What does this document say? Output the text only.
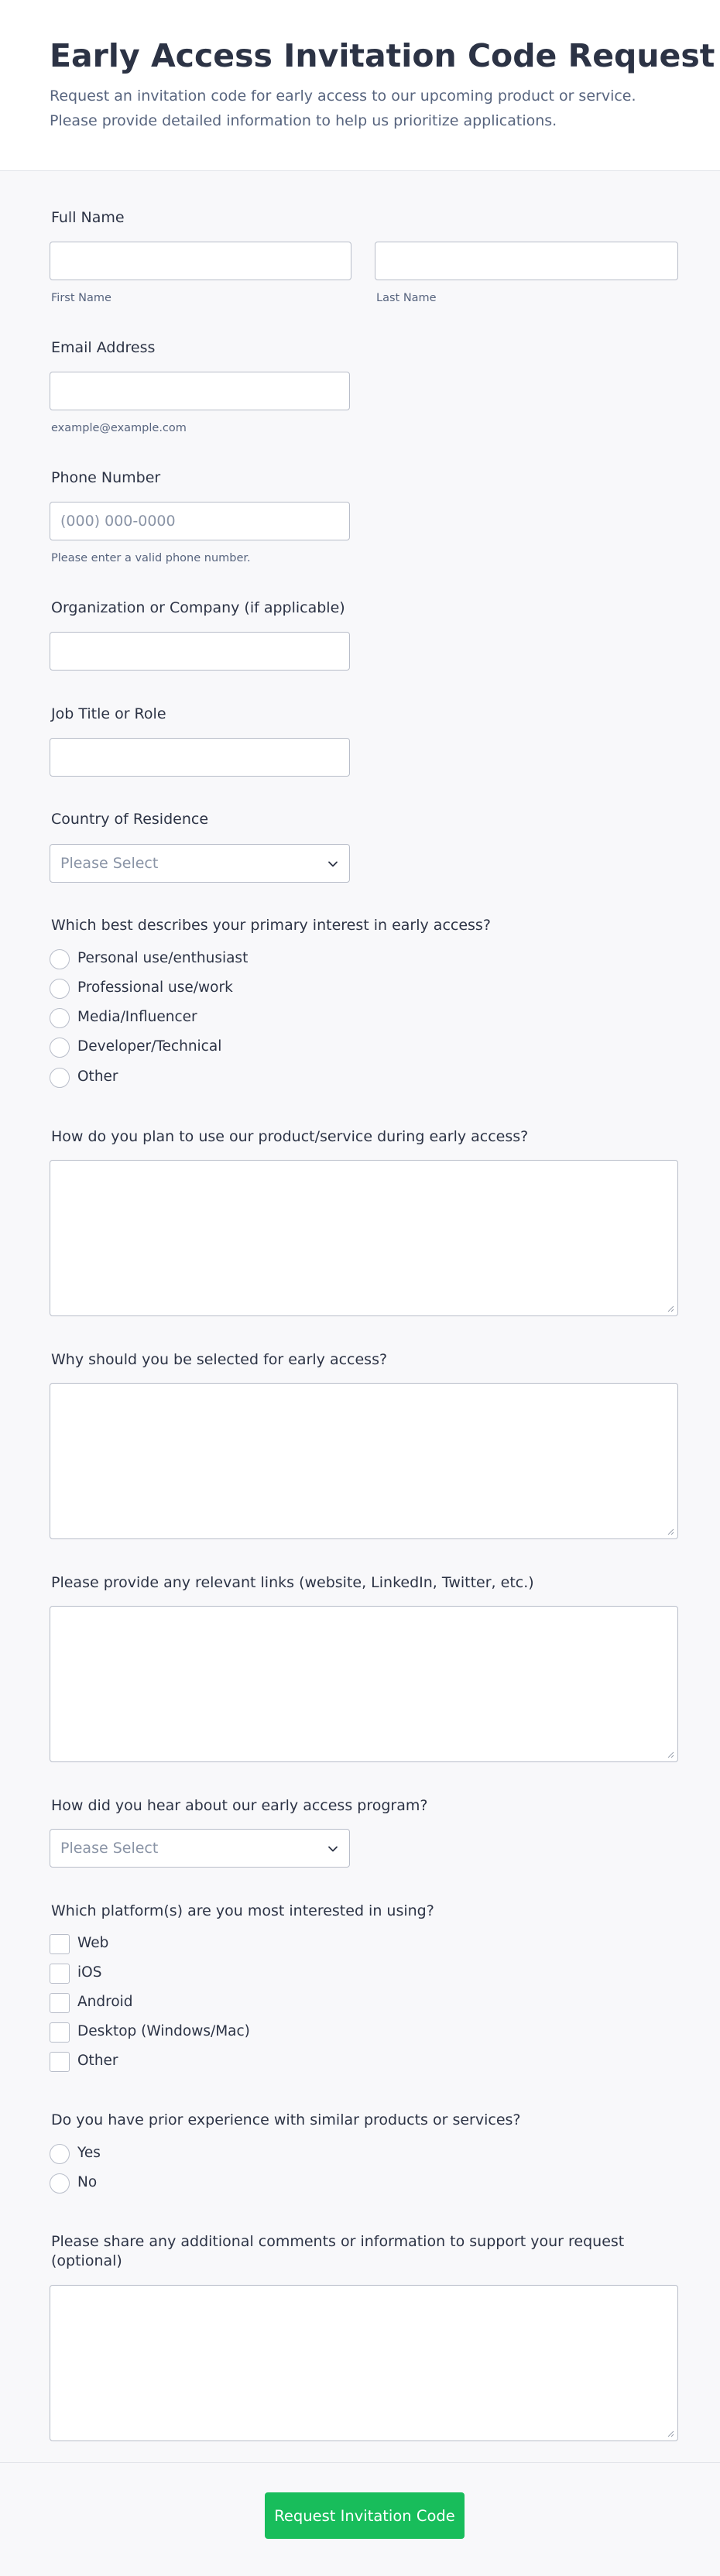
Early Access Invitation Code Request

Request an invitation code for early access to our upcoming product or service. Please provide detailed information to help us prioritize applications.

Full Name
First Name	Last Name
Email Address
example@example.com
Phone Number
(000) 000-0000
Please enter a valid phone number.
Organization or Company (if applicable)
Job Title or Role
Country of Residence
Please Select
Which best describes your primary interest in early access?
Personal use/enthusiast
Professional use/work
Media/Influencer
Developer/Technical
Other
How do you plan to use our product/service during early access?
Why should you be selected for early access?
Please provide any relevant links (website, LinkedIn, Twitter, etc.)
How did you hear about our early access program?
Please Select
Which platform(s) are you most interested in using?
Web
iOS
Android
Desktop (Windows/Mac)
Other
Do you have prior experience with similar products or services?
Yes
No
Please share any additional comments or information to support your request
(optional)
Request Invitation Code
